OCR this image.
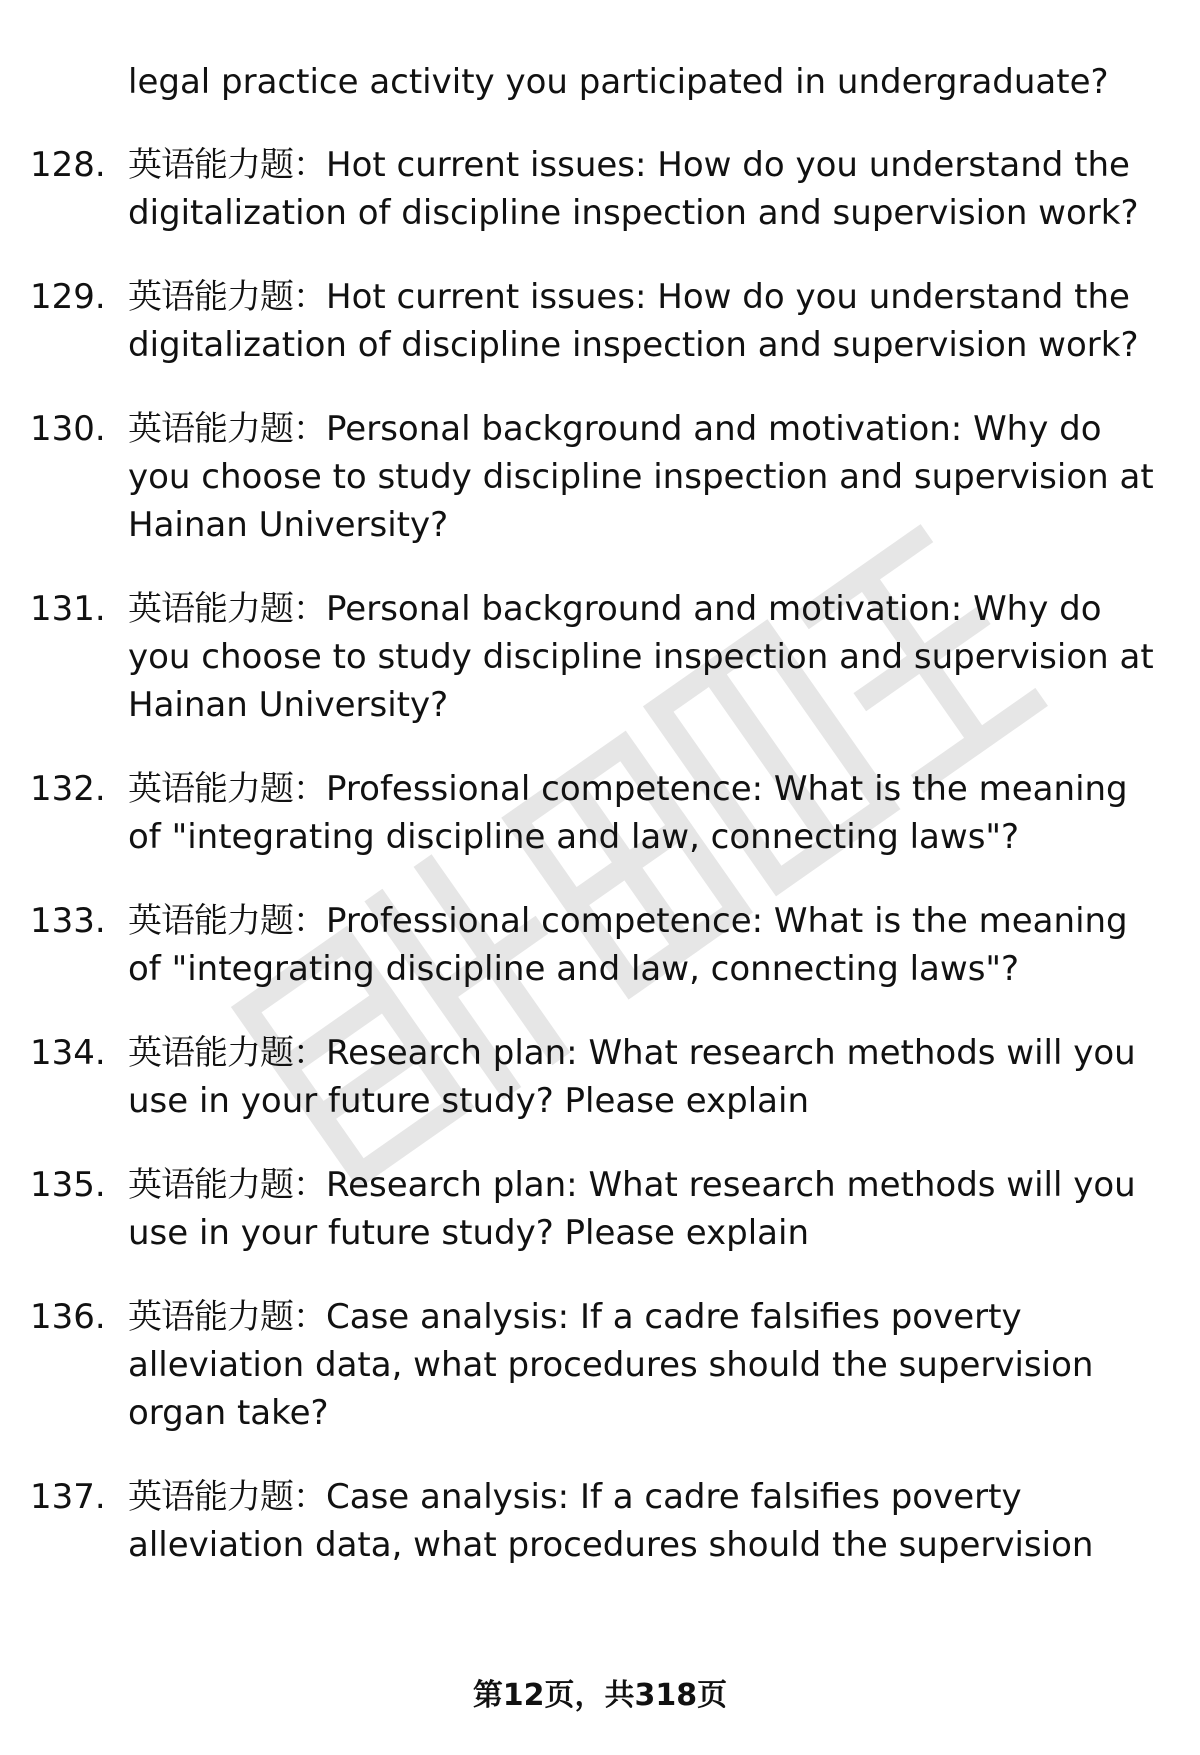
legal practice activity you participated in undergraduate?
128. 英语能力题：Hot current issues: How do you understand the digitalization of discipline inspection and supervision work?
129. 英语能力题：Hot current issues: How do you understand the digitalization of discipline inspection and supervision work?
130. 英语能力题：Personal background and motivation: Why do you choose to study discipline inspection and supervision at Hainan University?
131. 英语能力题：Personal background and motivation: Why do you choose to study discipline inspection and supervision at Hainan University?
132. 英语能力题：Professional competence: What is the meaning of "integrating discipline and law, connecting laws"?
133. 英语能力题：Professional competence: What is the meaning of "integrating discipline and law, connecting laws"?
134. 英语能力题：Research plan: What research methods will you use in your future study? Please explain
135. 英语能力题：Research plan: What research methods will you use in your future study? Please explain
136. 英语能力题：Case analysis: If a cadre falsifies poverty alleviation data, what procedures should the supervision organ take?
137. 英语能力题：Case analysis: If a cadre falsifies poverty alleviation data, what procedures should the supervision
第12页，共318页
